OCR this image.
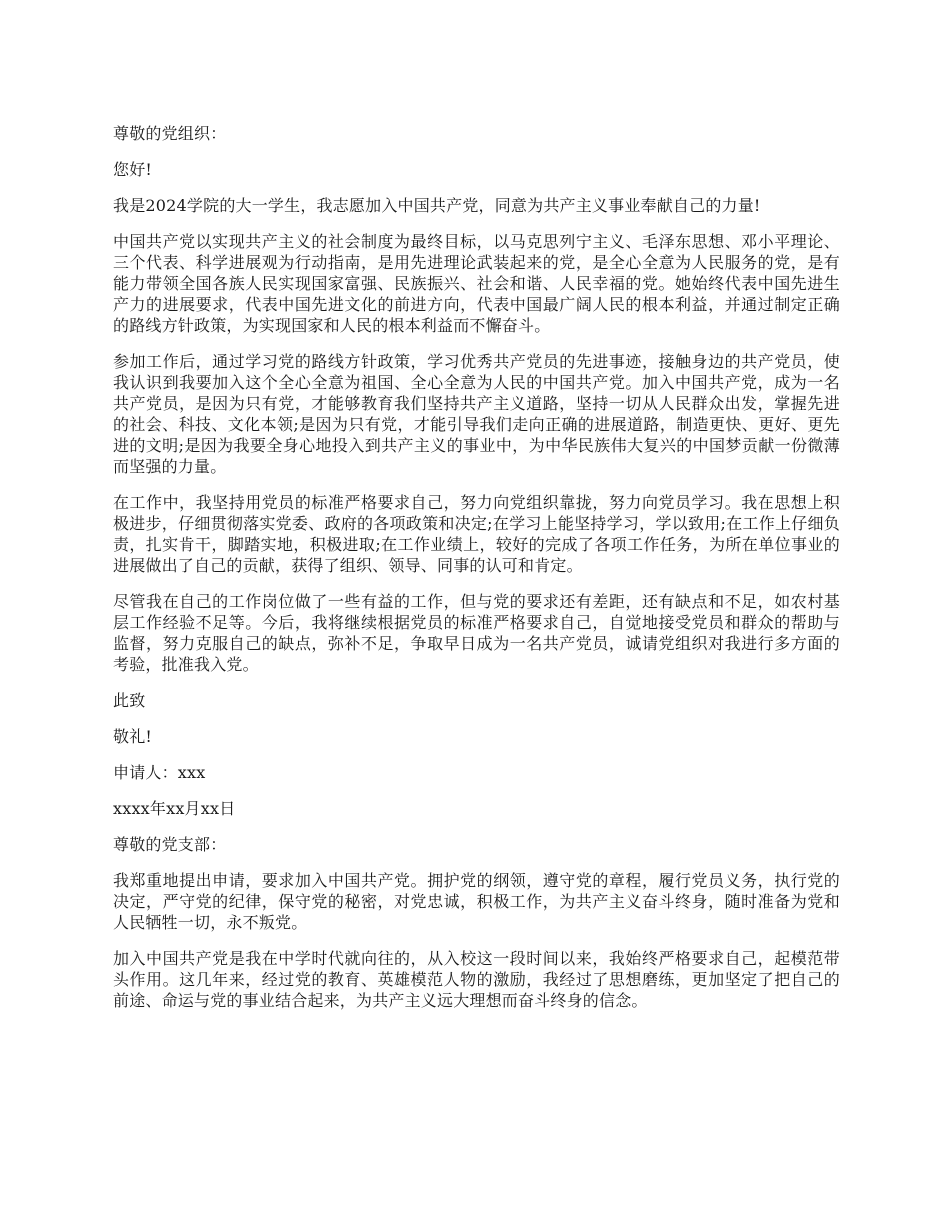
尊敬的党组织：

您好!

我是2024学院的大一学生，我志愿加入中国共产党，同意为共产主义事业奉献自己的力量!

中国共产党以实现共产主义的社会制度为最终目标，以马克思列宁主义、毛泽东思想、邓小平理论、三个代表、科学进展观为行动指南，是用先进理论武装起来的党，是全心全意为人民服务的党，是有能力带领全国各族人民实现国家富强、民族振兴、社会和谐、人民幸福的党。她始终代表中国先进生产力的进展要求，代表中国先进文化的前进方向，代表中国最广阔人民的根本利益，并通过制定正确的路线方针政策，为实现国家和人民的根本利益而不懈奋斗。

参加工作后，通过学习党的路线方针政策，学习优秀共产党员的先进事迹，接触身边的共产党员，使我认识到我要加入这个全心全意为祖国、全心全意为人民的中国共产党。加入中国共产党，成为一名共产党员，是因为只有党，才能够教育我们坚持共产主义道路，坚持一切从人民群众出发，掌握先进的社会、科技、文化本领;是因为只有党，才能引导我们走向正确的进展道路，制造更快、更好、更先进的文明;是因为我要全身心地投入到共产主义的事业中，为中华民族伟大复兴的中国梦贡献一份微薄而坚强的力量。

在工作中，我坚持用党员的标准严格要求自己，努力向党组织靠拢，努力向党员学习。我在思想上积极进步，仔细贯彻落实党委、政府的各项政策和决定;在学习上能坚持学习，学以致用;在工作上仔细负责，扎实肯干，脚踏实地，积极进取;在工作业绩上，较好的完成了各项工作任务，为所在单位事业的进展做出了自己的贡献，获得了组织、领导、同事的认可和肯定。

尽管我在自己的工作岗位做了一些有益的工作，但与党的要求还有差距，还有缺点和不足，如农村基层工作经验不足等。今后，我将继续根据党员的标准严格要求自己，自觉地接受党员和群众的帮助与监督，努力克服自己的缺点，弥补不足，争取早日成为一名共产党员，诚请党组织对我进行多方面的考验，批准我入党。

此致

敬礼!

申请人：xxx

xxxx年xx月xx日

尊敬的党支部：

我郑重地提出申请，要求加入中国共产党。拥护党的纲领，遵守党的章程，履行党员义务，执行党的决定，严守党的纪律，保守党的秘密，对党忠诚，积极工作，为共产主义奋斗终身，随时准备为党和人民牺牲一切，永不叛党。

加入中国共产党是我在中学时代就向往的，从入校这一段时间以来，我始终严格要求自己，起模范带头作用。这几年来，经过党的教育、英雄模范人物的激励，我经过了思想磨练，更加坚定了把自己的前途、命运与党的事业结合起来，为共产主义远大理想而奋斗终身的信念。
